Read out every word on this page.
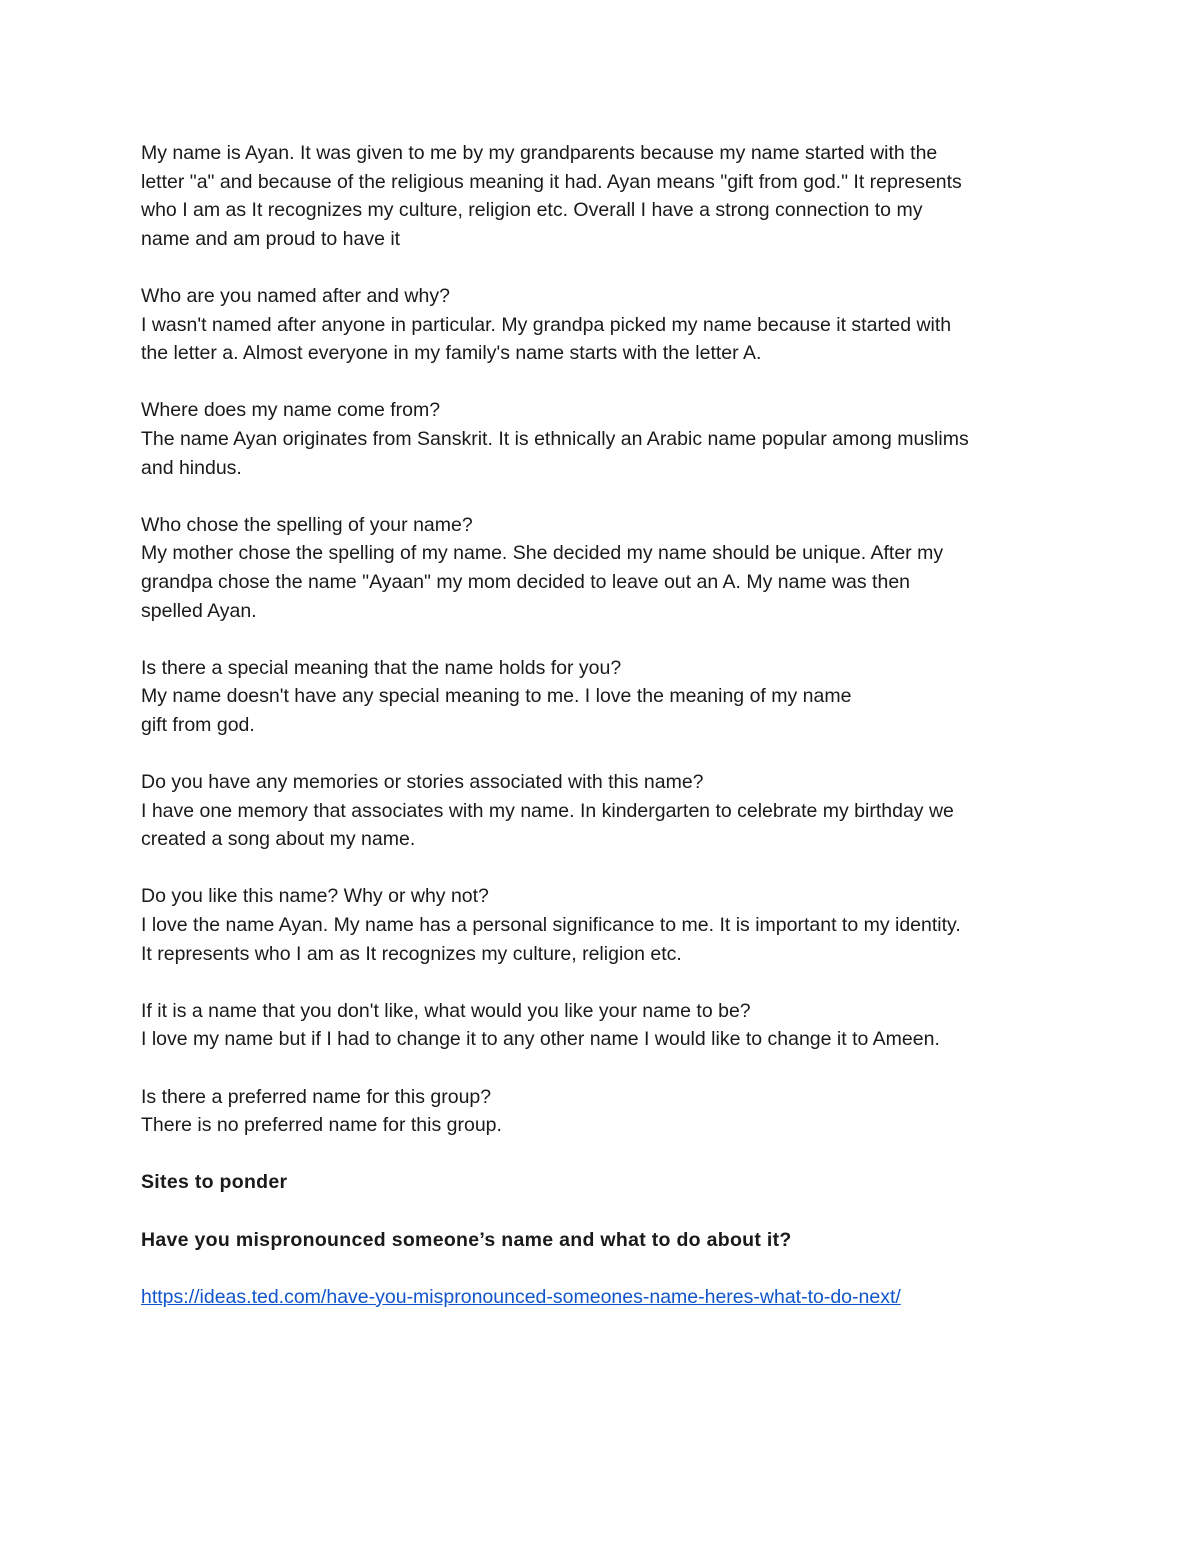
My name is Ayan. It was given to me by my grandparents because my name started with the
letter "a" and because of the religious meaning it had. Ayan means "gift from god." It represents
who I am as It recognizes my culture, religion etc. Overall I have a strong connection to my
name and am proud to have it

Who are you named after and why?
I wasn't named after anyone in particular. My grandpa picked my name because it started with
the letter a. Almost everyone in my family's name starts with the letter A.

Where does my name come from?
The name Ayan originates from Sanskrit. It is ethnically an Arabic name popular among muslims
and hindus.

Who chose the spelling of your name?
My mother chose the spelling of my name. She decided my name should be unique. After my
grandpa chose the name "Ayaan" my mom decided to leave out an A. My name was then
spelled Ayan.

Is there a special meaning that the name holds for you?
My name doesn't have any special meaning to me. I love the meaning of my name
gift from god.

Do you have any memories or stories associated with this name?
I have one memory that associates with my name. In kindergarten to celebrate my birthday we
created a song about my name.

Do you like this name? Why or why not?
I love the name Ayan. My name has a personal significance to me. It is important to my identity.
It represents who I am as It recognizes my culture, religion etc.

If it is a name that you don't like, what would you like your name to be?
I love my name but if I had to change it to any other name I would like to change it to Ameen.

Is there a preferred name for this group?
There is no preferred name for this group.

Sites to ponder

Have you mispronounced someone’s name and what to do about it?

https://ideas.ted.com/have-you-mispronounced-someones-name-heres-what-to-do-next/
